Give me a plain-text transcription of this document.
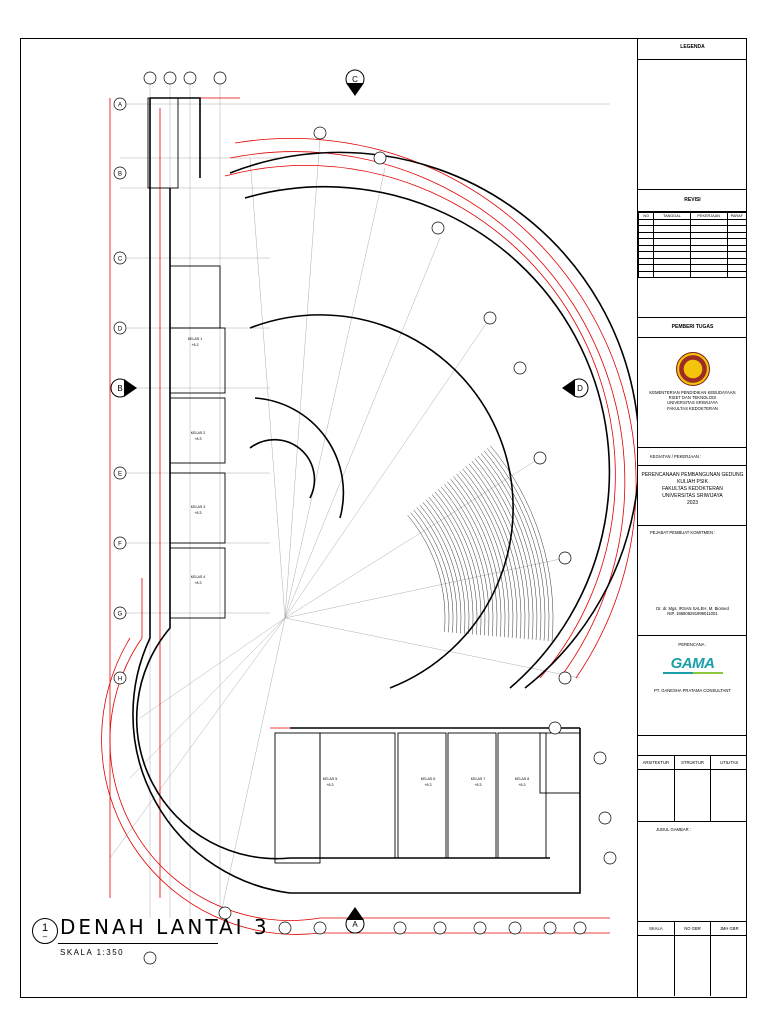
A
B
C
D
E
F
G
H
C
D
A
B
KELAS 1
+8.3
KELAS 2
+8.3
KELAS 3
+8.3
KELAS 4
+8.3
KELAS 5
+8.3
KELAS 6
+8.3
KELAS 7
+8.3
KELAS 8
+8.3
1
– DENAH LANTAI 3
SKALA 1:350
LEGENDA
REVISI
NO	TANGGAL	PEKERJAAN	PARAF

PEMBERI TUGAS
KEMENTERIAN PENDIDIKAN KEBUDAYAAN
RISET DAN TEKNOLOGI
UNIVERSITAS SRIWIJAYA
FAKULTAS KEDOKTERAN
KEGIATAN / PEKERJAAN :
PERENCANAAN PEMBANGUNAN GEDUNG
KULIAH PSIK
FAKULTAS KEDOKTERAN
UNIVERSITAS SRIWIJAYA
2023
PEJABAT PEMBUAT KOMITMEN :
Dr. dr. Mgs. IRSAN SALEH, M. Biomed
NIP. 196608291999011001
PERENCANA :
GAMA
PT. GANESHA PRATAMA CONSULTANT
ARSITEKTUR	STRUKTUR	UTILITAS
JUDUL GAMBAR :
SKALA	NO GBR	JMH GBR
